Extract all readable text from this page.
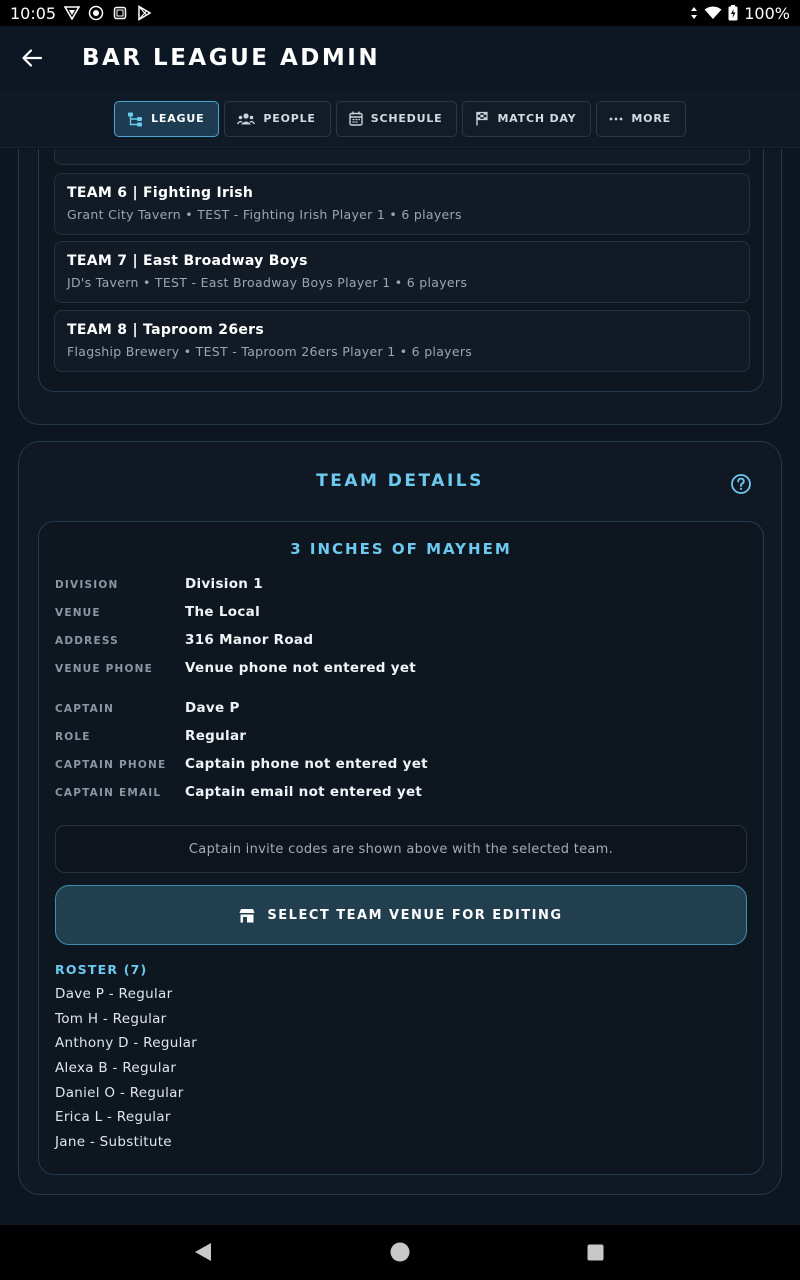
10:05	100%
BAR LEAGUE ADMIN
LEAGUE	PEOPLE	SCHEDULE	MATCH DAY	MORE
TEAM 6 | Fighting Irish
Grant City Tavern • TEST - Fighting Irish Player 1 • 6 players
TEAM 7 | East Broadway Boys
JD's Tavern • TEST - East Broadway Boys Player 1 • 6 players
TEAM 8 | Taproom 26ers
Flagship Brewery • TEST - Taproom 26ers Player 1 • 6 players
TEAM DETAILS
3 INCHES OF MAYHEM
DIVISION	Division 1
VENUE	The Local
ADDRESS	316 Manor Road
VENUE PHONE	Venue phone not entered yet
CAPTAIN	Dave P
ROLE	Regular
CAPTAIN PHONE	Captain phone not entered yet
CAPTAIN EMAIL	Captain email not entered yet
Captain invite codes are shown above with the selected team.
SELECT TEAM VENUE FOR EDITING
ROSTER (7)
Dave P - Regular
Tom H - Regular
Anthony D - Regular
Alexa B - Regular
Daniel O - Regular
Erica L - Regular
Jane - Substitute
